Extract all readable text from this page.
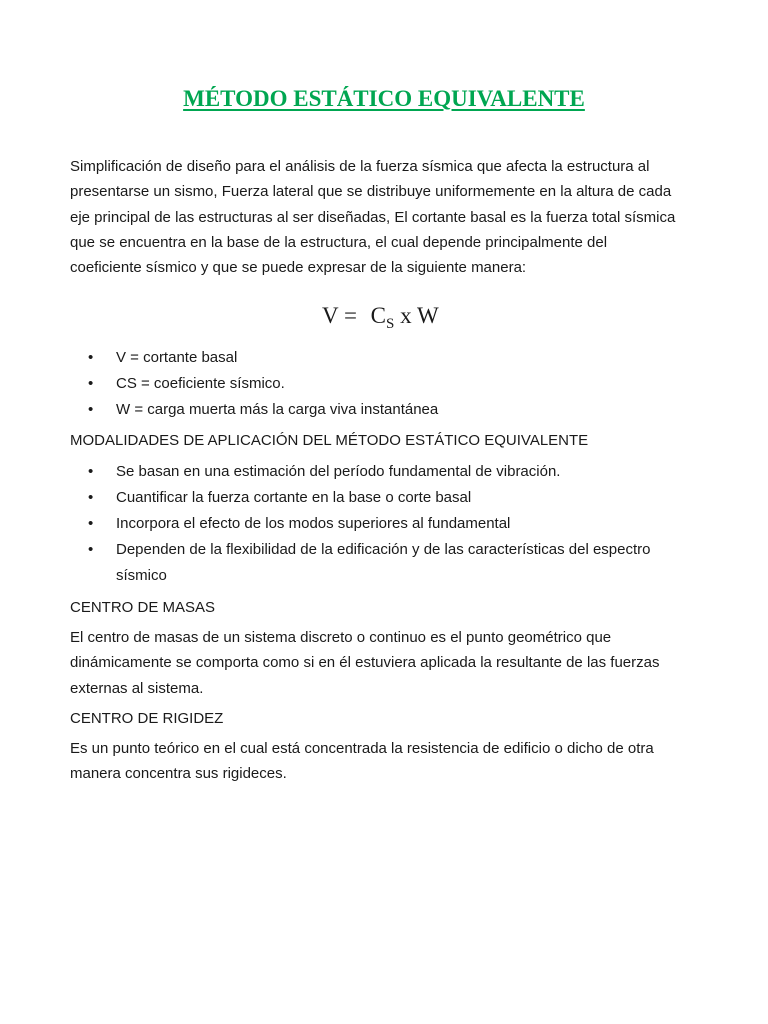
MÉTODO ESTÁTICO EQUIVALENTE
Simplificación de diseño para el análisis de la fuerza sísmica que afecta la estructura al
presentarse un sismo, Fuerza lateral que se distribuye uniformemente en la altura de cada
eje principal de las estructuras al ser diseñadas, El cortante basal es la fuerza total sísmica
que se encuentra en la base de la estructura, el cual depende principalmente del
coeficiente sísmico y que se puede expresar de la siguiente manera:
$V = C_S$ x W
• V = cortante basal
• CS = coeficiente sísmico.
• W = carga muerta más la carga viva instantánea
MODALIDADES DE APLICACIÓN DEL MÉTODO ESTÁTICO EQUIVALENTE
• Se basan en una estimación del período fundamental de vibración.
• Cuantificar la fuerza cortante en la base o corte basal
• Incorpora el efecto de los modos superiores al fundamental
• Dependen de la flexibilidad de la edificación y de las características del espectro
sísmico
CENTRO DE MASAS
El centro de masas de un sistema discreto o continuo es el punto geométrico que
dinámicamente se comporta como si en él estuviera aplicada la resultante de las fuerzas
externas al sistema.
CENTRO DE RIGIDEZ
Es un punto teórico en el cual está concentrada la resistencia de edificio o dicho de otra
manera concentra sus rigideces.
